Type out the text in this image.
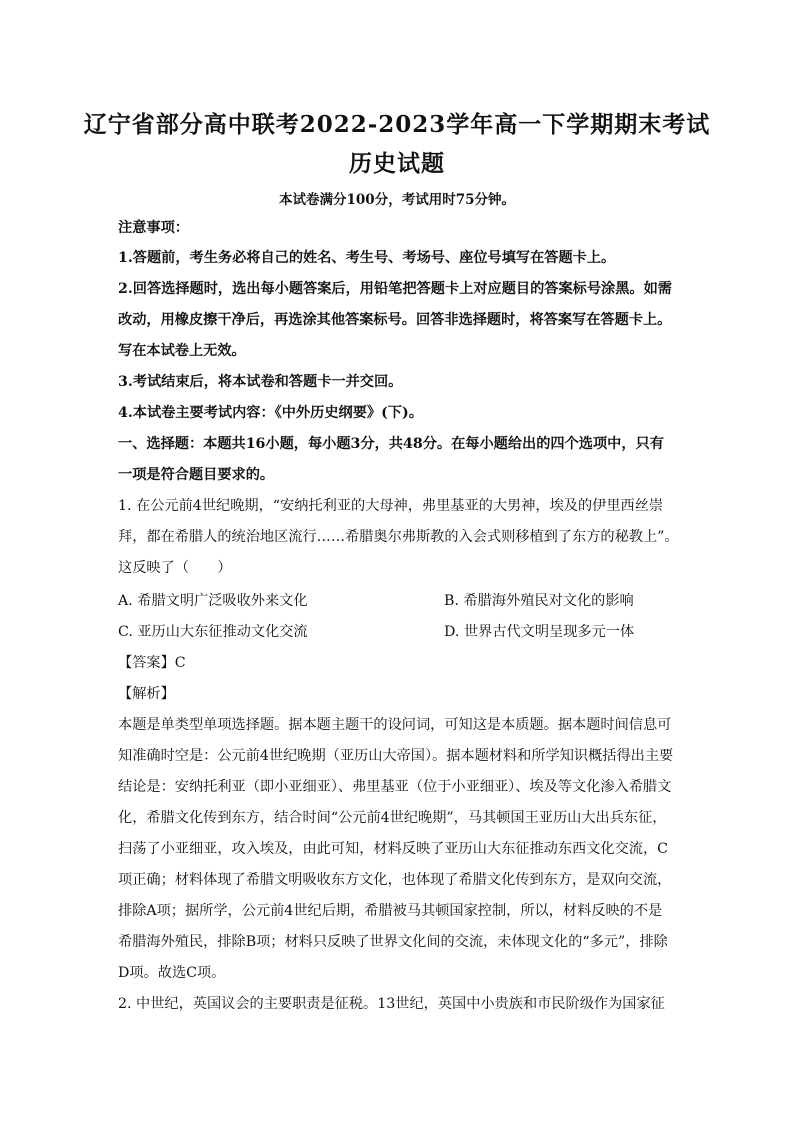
辽宁省部分高中联考2022-2023学年高一下学期期末考试
历史试题
本试卷满分100分，考试用时75分钟。
注意事项：
1.答题前，考生务必将自己的姓名、考生号、考场号、座位号填写在答题卡上。
2.回答选择题时，选出每小题答案后，用铅笔把答题卡上对应题目的答案标号涂黑。如需
改动，用橡皮擦干净后，再选涂其他答案标号。回答非选择题时，将答案写在答题卡上。
写在本试卷上无效。
3.考试结束后，将本试卷和答题卡一并交回。
4.本试卷主要考试内容：《中外历史纲要》(下)。
一、选择题：本题共16小题，每小题3分，共48分。在每小题给出的四个选项中，只有
一项是符合题目要求的。
1. 在公元前4世纪晚期，“安纳托利亚的大母神，弗里基亚的大男神，埃及的伊里西丝崇
拜，都在希腊人的统治地区流行……希腊奥尔弗斯教的入会式则移植到了东方的秘教上”。
这反映了（　　）
A. 希腊文明广泛吸收外来文化	B. 希腊海外殖民对文化的影响
C. 亚历山大东征推动文化交流	D. 世界古代文明呈现多元一体
【答案】C
【解析】
本题是单类型单项选择题。据本题主题干的设问词，可知这是本质题。据本题时间信息可
知准确时空是：公元前4世纪晚期（亚历山大帝国）。据本题材料和所学知识概括得出主要
结论是：安纳托利亚（即小亚细亚）、弗里基亚（位于小亚细亚）、埃及等文化渗入希腊文
化，希腊文化传到东方，结合时间“公元前4世纪晚期”，马其顿国王亚历山大出兵东征，
扫荡了小亚细亚，攻入埃及，由此可知，材料反映了亚历山大东征推动东西文化交流，C
项正确；材料体现了希腊文明吸收东方文化，也体现了希腊文化传到东方，是双向交流，
排除A项；据所学，公元前4世纪后期，希腊被马其顿国家控制，所以，材料反映的不是
希腊海外殖民，排除B项；材料只反映了世界文化间的交流，未体现文化的“多元”，排除
D项。故选C项。
2. 中世纪，英国议会的主要职责是征税。13世纪，英国中小贵族和市民阶级作为国家征
